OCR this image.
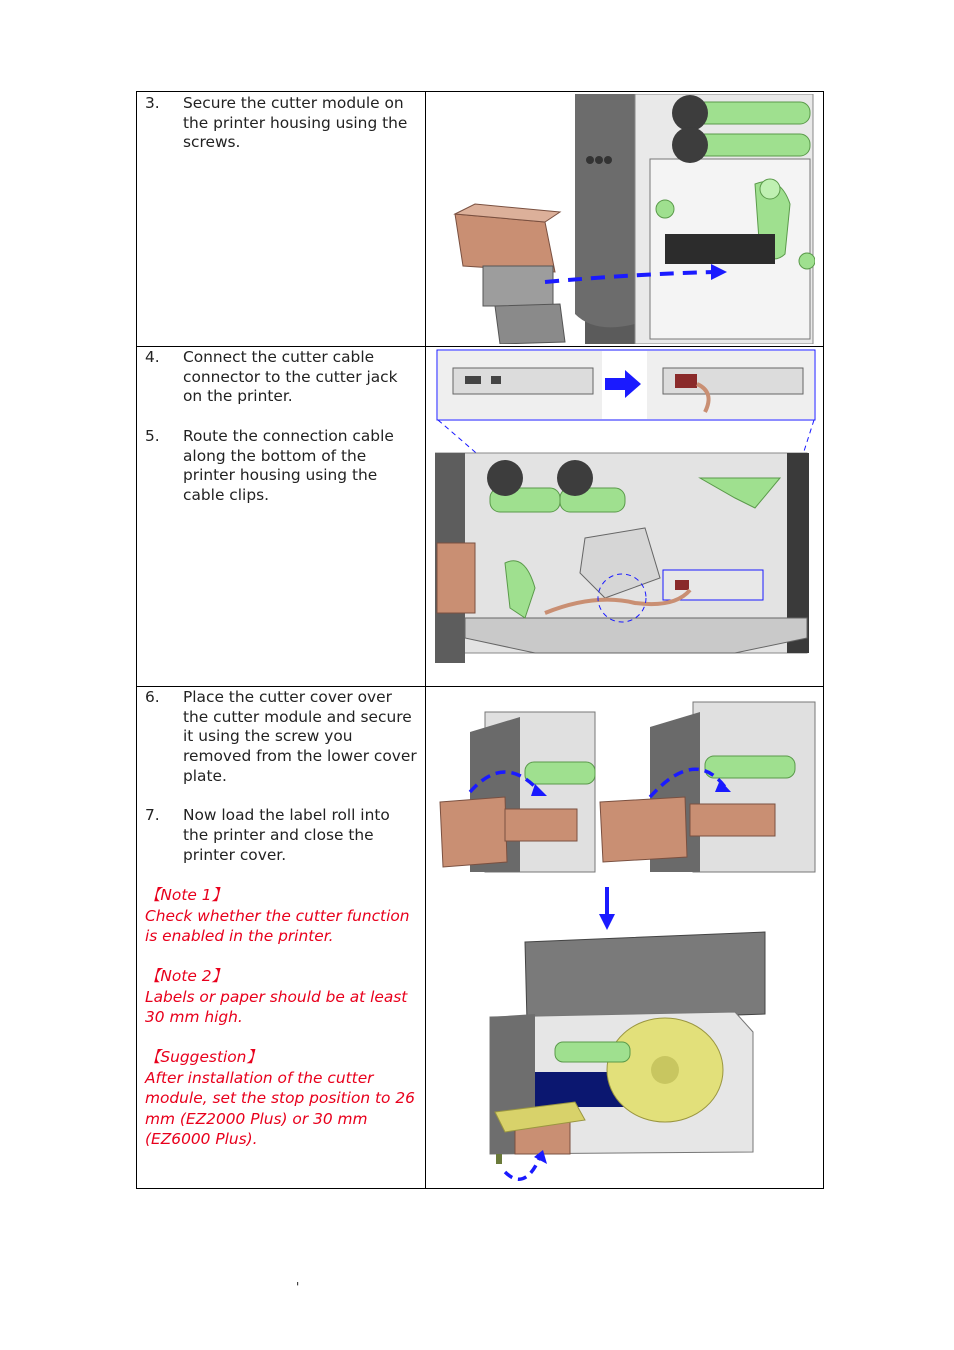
3.	Secure the cutter module on the printer housing using the screws.
4.	Connect the cutter cable connector to the cutter jack on the printer.
5.	Route the connection cable along the bottom of the printer housing using the cable clips.
6.	Place the cutter cover over the cutter module and secure it using the screw you removed from the lower cover plate.
7.	Now load the label roll into the printer and close the printer cover.
【Note 1】
Check whether the cutter function is enabled in the printer.
【Note 2】
Labels or paper should be at least 30 mm high.
【Suggestion】
After installation of the cutter module, set the stop position to 26 mm (EZ2000 Plus) or 30 mm (EZ6000 Plus).
'
